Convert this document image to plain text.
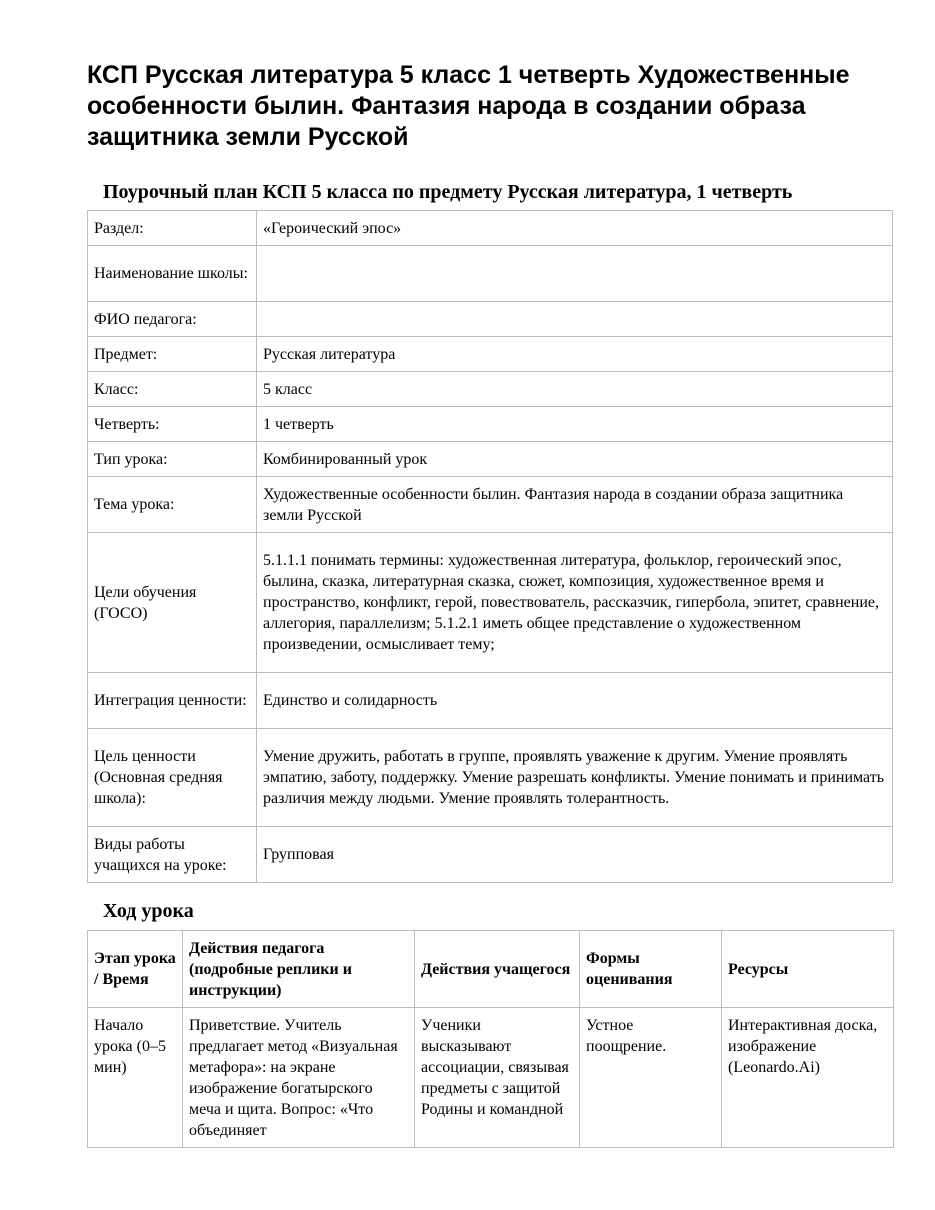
КСП Русская литература 5 класс 1 четверть Художественные особенности былин. Фантазия народа в создании образа защитника земли Русской
Поурочный план КСП 5 класса по предмету Русская литература, 1 четверть
Раздел:	«Героический эпос»
Наименование школы:	
ФИО педагога:	
Предмет:	Русская литература
Класс:	5 класс
Четверть:	1 четверть
Тип урока:	Комбинированный урок
Тема урока:	Художественные особенности былин. Фантазия народа в создании образа защитника земли Русской
Цели обучения (ГОСО)	5.1.1.1 понимать термины: художественная литература, фольклор, героический эпос, былина, сказка, литературная сказка, сюжет, композиция, художественное время и пространство, конфликт, герой, повествователь, рассказчик, гипербола, эпитет, сравнение, аллегория, параллелизм; 5.1.2.1 иметь общее представление о художественном произведении, осмысливает тему;
Интеграция ценности:	Единство и солидарность
Цель ценности (Основная средняя школа):	Умение дружить, работать в группе, проявлять уважение к другим. Умение проявлять эмпатию, заботу, поддержку. Умение разрешать конфликты. Умение понимать и принимать различия между людьми. Умение проявлять толерантность.
Виды работы учащихся на уроке:	Групповая
Ход урока
Этап урока / Время	Действия педагога (подробные реплики и инструкции)	Действия учащегося	Формы оценивания	Ресурсы
Начало урока (0–5 мин)	Приветствие. Учитель предлагает метод «Визуальная метафора»: на экране изображение богатырского меча и щита. Вопрос: «Что объединяет	Ученики высказывают ассоциации, связывая предметы с защитой Родины и командной	Устное поощрение.	Интерактивная доска, изображение (Leonardo.Ai)
